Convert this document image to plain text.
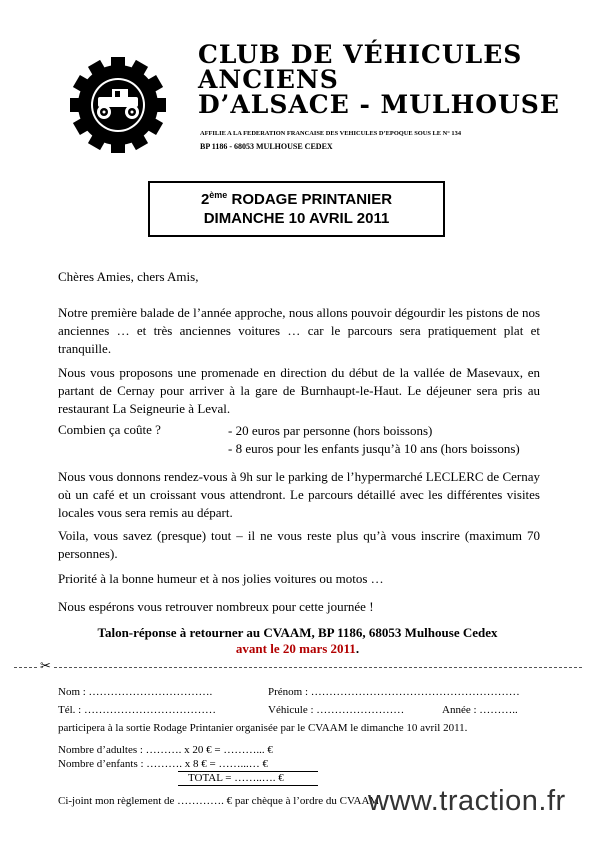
CLUB DE VÉHICULES
ANCIENS
D’ALSACE - MULHOUSE
AFFILIE A LA FEDERATION FRANCAISE DES VEHICULES D’EPOQUE SOUS LE N° 134
BP 1186 - 68053 MULHOUSE CEDEX
2ème RODAGE PRINTANIER
DIMANCHE 10 AVRIL 2011
Chères Amies, chers Amis,
Notre première balade de l’année approche, nous allons pouvoir dégourdir les pistons de nos anciennes … et très anciennes voitures … car le parcours sera pratiquement plat et tranquille.
Nous vous proposons une promenade en direction du début de la vallée de Masevaux, en partant de Cernay pour arriver à la gare de Burnhaupt-le-Haut. Le déjeuner sera pris au restaurant La Seigneurie à Leval.
Combien ça coûte ?	- 20 euros par personne (hors boissons)
- 8 euros pour les enfants jusqu’à 10 ans (hors boissons)
Nous vous donnons rendez-vous à 9h sur le parking de l’hypermarché LECLERC de Cernay où un café et un croissant vous attendront. Le parcours détaillé avec les différentes visites locales vous sera remis au départ.
Voila, vous savez (presque) tout – il ne vous reste plus qu’à vous inscrire (maximum 70 personnes).
Priorité à la bonne humeur et à nos jolies voitures ou motos …
Nous espérons vous retrouver nombreux pour cette journée !
Talon-réponse à retourner au CVAAM, BP 1186, 68053 Mulhouse Cedex
avant le 20 mars 2011.
✂
Nom : …………………………….	Prénom : …………………………………………………
Tél. : ………………………………	Véhicule : ……………………	Année : ………..
participera à la sortie Rodage Printanier organisée par le CVAAM le dimanche 10 avril 2011.
Nombre d’adultes : ………. x 20 € = ………... €
Nombre d’enfants : ………. x 8 € = ……...… €
TOTAL = ……..…. €
Ci-joint mon règlement de …………. € par chèque à l’ordre du CVAAM
www.traction.fr
